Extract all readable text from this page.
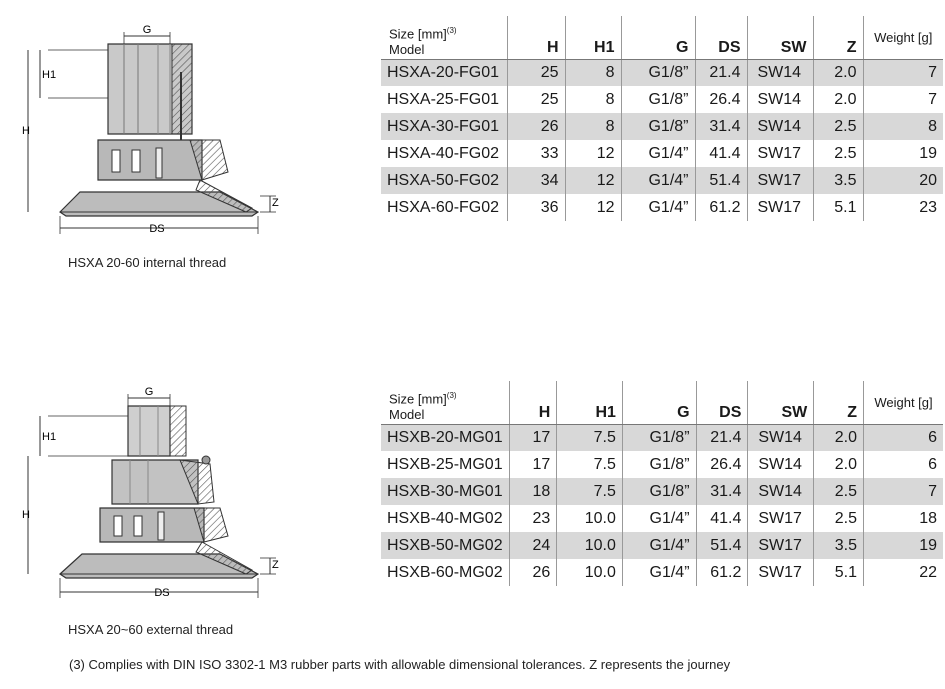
G
H1
H
Z
DS
HSXA 20-60 internal thread
Size [mm]$^{(3)}$
Model	H	H1	G	DS	SW	Z	Weight [g]
HSXA-20-FG01	25	8	G1/8”	21.4	SW14	2.0	7
HSXA-25-FG01	25	8	G1/8”	26.4	SW14	2.0	7
HSXA-30-FG01	26	8	G1/8”	31.4	SW14	2.5	8
HSXA-40-FG02	33	12	G1/4”	41.4	SW17	2.5	19
HSXA-50-FG02	34	12	G1/4”	51.4	SW17	3.5	20
HSXA-60-FG02	36	12	G1/4”	61.2	SW17	5.1	23
G
H1
H
Z
DS
HSXA 20~60 external thread
Size [mm]$^{(3)}$
Model	H	H1	G	DS	SW	Z	Weight [g]
HSXB-20-MG01	17	7.5	G1/8”	21.4	SW14	2.0	6
HSXB-25-MG01	17	7.5	G1/8”	26.4	SW14	2.0	6
HSXB-30-MG01	18	7.5	G1/8”	31.4	SW14	2.5	7
HSXB-40-MG02	23	10.0	G1/4”	41.4	SW17	2.5	18
HSXB-50-MG02	24	10.0	G1/4”	51.4	SW17	3.5	19
HSXB-60-MG02	26	10.0	G1/4”	61.2	SW17	5.1	22
(3) Complies with DIN ISO 3302-1 M3 rubber parts with allowable dimensional tolerances. Z represents the journey
